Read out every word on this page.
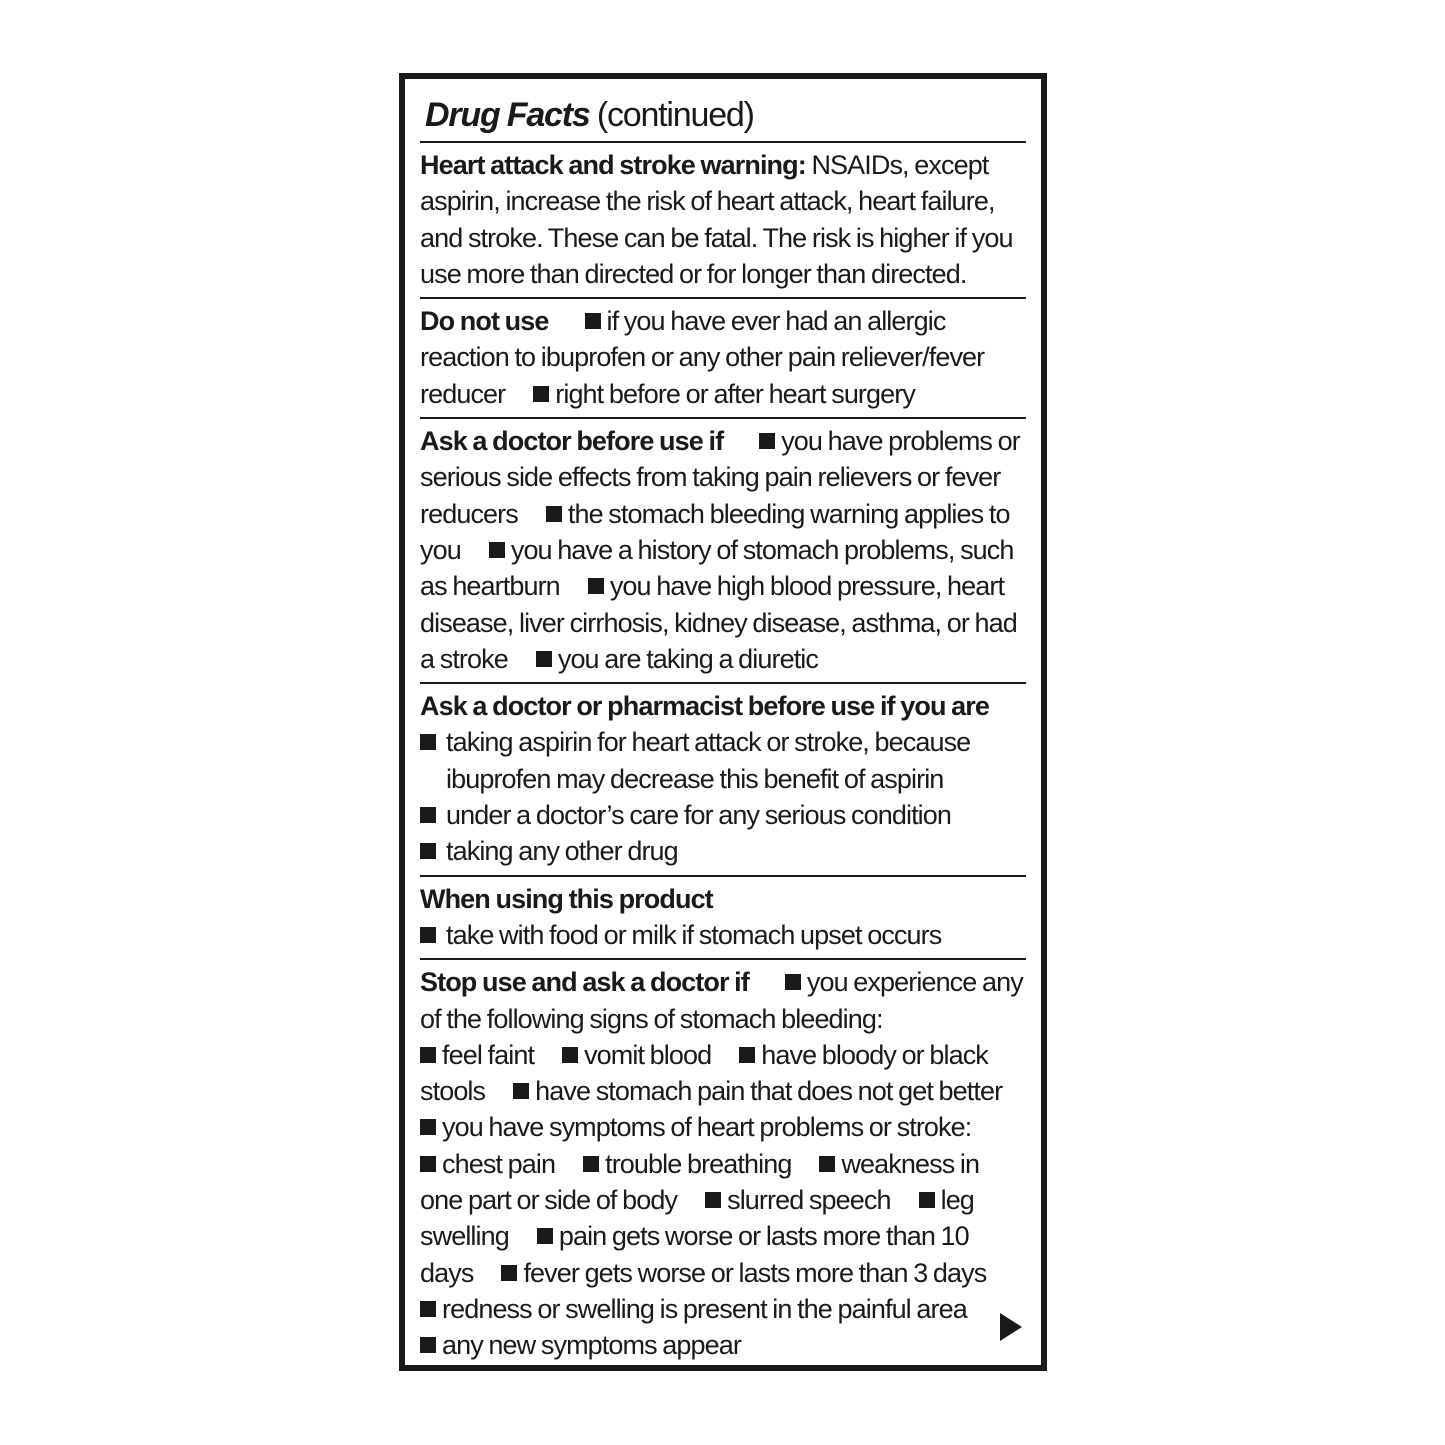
Drug Facts (continued)
Heart attack and stroke warning: NSAIDs, except aspirin, increase the risk of heart attack, heart failure, and stroke. These can be fatal. The risk is higher if you use more than directed or for longer than directed.
Do not use if you have ever had an allergic reaction to ibuprofen or any other pain reliever/fever reducer right before or after heart surgery
Ask a doctor before use if you have problems or serious side effects from taking pain relievers or fever reducers the stomach bleeding warning applies to you you have a history of stomach problems, such as heartburn you have high blood pressure, heart disease, liver cirrhosis, kidney disease, asthma, or had a stroke you are taking a diuretic
Ask a doctor or pharmacist before use if you are
taking aspirin for heart attack or stroke, because ibuprofen may decrease this benefit of aspirin
under a doctor’s care for any serious condition
taking any other drug
When using this product
take with food or milk if stomach upset occurs
Stop use and ask a doctor if you experience any of the following signs of stomach bleeding:
feel faint vomit blood have bloody or black stools have stomach pain that does not get better
you have symptoms of heart problems or stroke:
chest pain trouble breathing weakness in one part or side of body slurred speech leg swelling pain gets worse or lasts more than 10 days fever gets worse or lasts more than 3 days
redness or swelling is present in the painful area
any new symptoms appear
